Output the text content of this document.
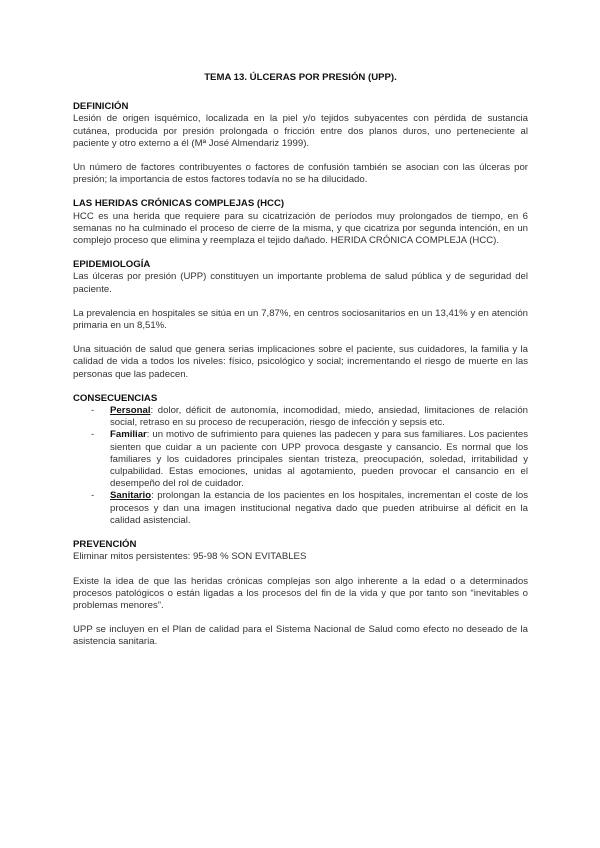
TEMA 13. ÚLCERAS POR PRESIÓN (UPP).
DEFINICIÓN

Lesión de origen isquémico, localizada en la piel y/o tejidos subyacentes con pérdida de sustancia cutánea, producida por presión prolongada o fricción entre dos planos duros, uno perteneciente al paciente y otro externo a él (Mª José Almendariz 1999).

Un número de factores contribuyentes o factores de confusión también se asocian con las úlceras por presión; la importancia de estos factores todavía no se ha dilucidado.

LAS HERIDAS CRÓNICAS COMPLEJAS (HCC)

HCC es una herida que requiere para su cicatrización de períodos muy prolongados de tiempo, en 6 semanas no ha culminado el proceso de cierre de la misma, y que cicatriza por segunda intención, en un complejo proceso que elimina y reemplaza el tejido dañado. HERIDA CRÓNICA COMPLEJA (HCC).

EPIDEMIOLOGÍA

Las úlceras por presión (UPP) constituyen un importante problema de salud pública y de seguridad del paciente.

La prevalencia en hospitales se sitúa en un 7,87%, en centros sociosanitarios en un 13,41% y en atención primaria en un 8,51%.

Una situación de salud que genera serias implicaciones sobre el paciente, sus cuidadores, la familia y la calidad de vida a todos los niveles: físico, psicológico y social; incrementando el riesgo de muerte en las personas que las padecen.

CONSECUENCIAS
- Personal: dolor, déficit de autonomía, incomodidad, miedo, ansiedad, limitaciones de relación social, retraso en su proceso de recuperación, riesgo de infección y sepsis etc.
- Familiar: un motivo de sufrimiento para quienes las padecen y para sus familiares. Los pacientes sienten que cuidar a un paciente con UPP provoca desgaste y cansancio. Es normal que los familiares y los cuidadores principales sientan tristeza, preocupación, soledad, irritabilidad y culpabilidad. Estas emociones, unidas al agotamiento, pueden provocar el cansancio en el desempeño del rol de cuidador.
- Sanitario: prolongan la estancia de los pacientes en los hospitales, incrementan el coste de los procesos y dan una imagen institucional negativa dado que pueden atribuirse al déficit en la calidad asistencial.
PREVENCIÓN

Eliminar mitos persistentes: 95-98 % SON EVITABLES

Existe la idea de que las heridas crónicas complejas son algo inherente a la edad o a determinados procesos patológicos o están ligadas a los procesos del fin de la vida y que por tanto son “inevitables o problemas menores”.

UPP se incluyen en el Plan de calidad para el Sistema Nacional de Salud como efecto no deseado de la asistencia sanitaria.
